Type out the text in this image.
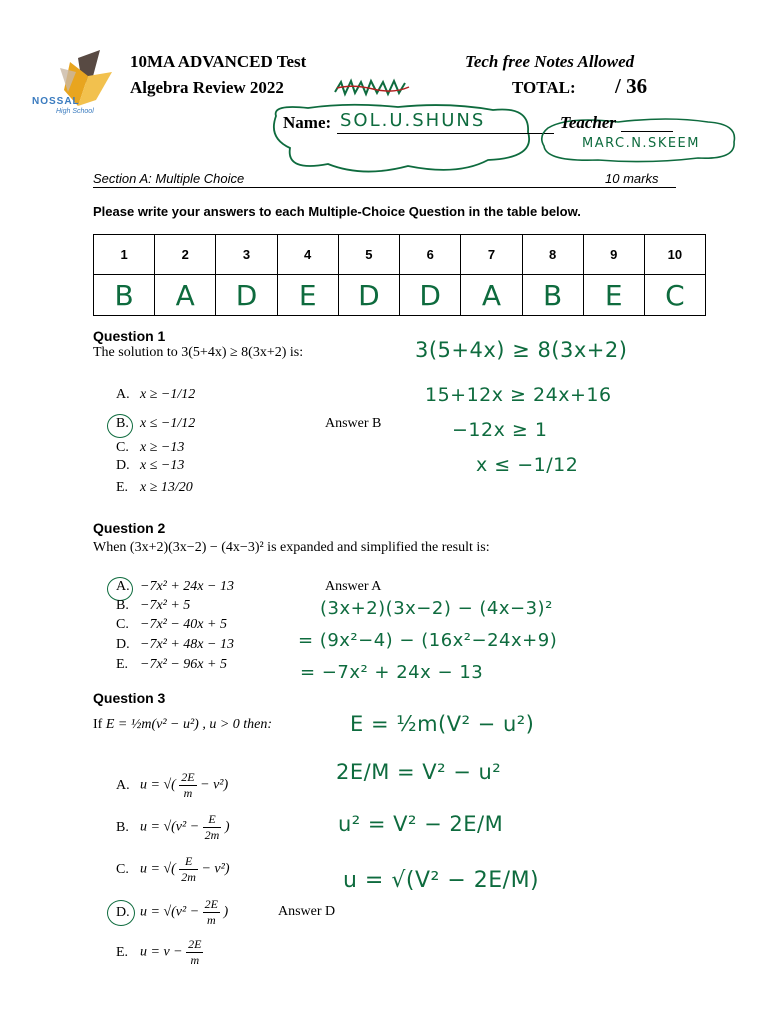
NOSSAL
High School
10MA ADVANCED Test
Algebra Review 2022
Tech free Notes Allowed
TOTAL: / 36
Name: SOL.U.SHUNS	Teacher
MARC.N.SKEEM
Section A: Multiple Choice	10 marks
Please write your answers to each Multiple-Choice Question in the table below.
1	2	3	4	5	6	7	8	9	10
B	A	D	E	D	D	A	B	E	C
Question 1
The solution to 3(5+4x) ≥ 8(3x+2) is:
A. x ≥ −1/12
B. x ≤ −1/12
C. x ≥ −13
D. x ≤ −13
E. x ≥ 13/20
Answer B
3(5+4x) ≥ 8(3x+2)
15+12x ≥ 24x+16
−12x ≥ 1
x ≤ −1/12
Question 2
When (3x+2)(3x−2) − (4x−3)² is expanded and simplified the result is:
A. −7x² + 24x − 13
B. −7x² + 5
C. −7x² − 40x + 5
D. −7x² + 48x − 13
E. −7x² − 96x + 5
Answer A
(3x+2)(3x−2) − (4x−3)²
= (9x²−4) − (16x²−24x+9)
= −7x² + 24x − 13
Question 3
If E = ½m(v² − u²) , u > 0 then:
A. u = √( $\frac{2E}{m} - v^2$)
B. $u = √(v^2 - \frac{E}{2m}$ )
C. u = √( $\frac{E}{2m} - v^2$)
D. $u = √(v^2 - \frac{2E}{m}$ )
E. $u = v - \frac{2E}{m}$
Answer D
E = ½m(V² − u²)
2E/M = V² − u²
u² = V² − 2E/M
u = √(V² − 2E/M)
